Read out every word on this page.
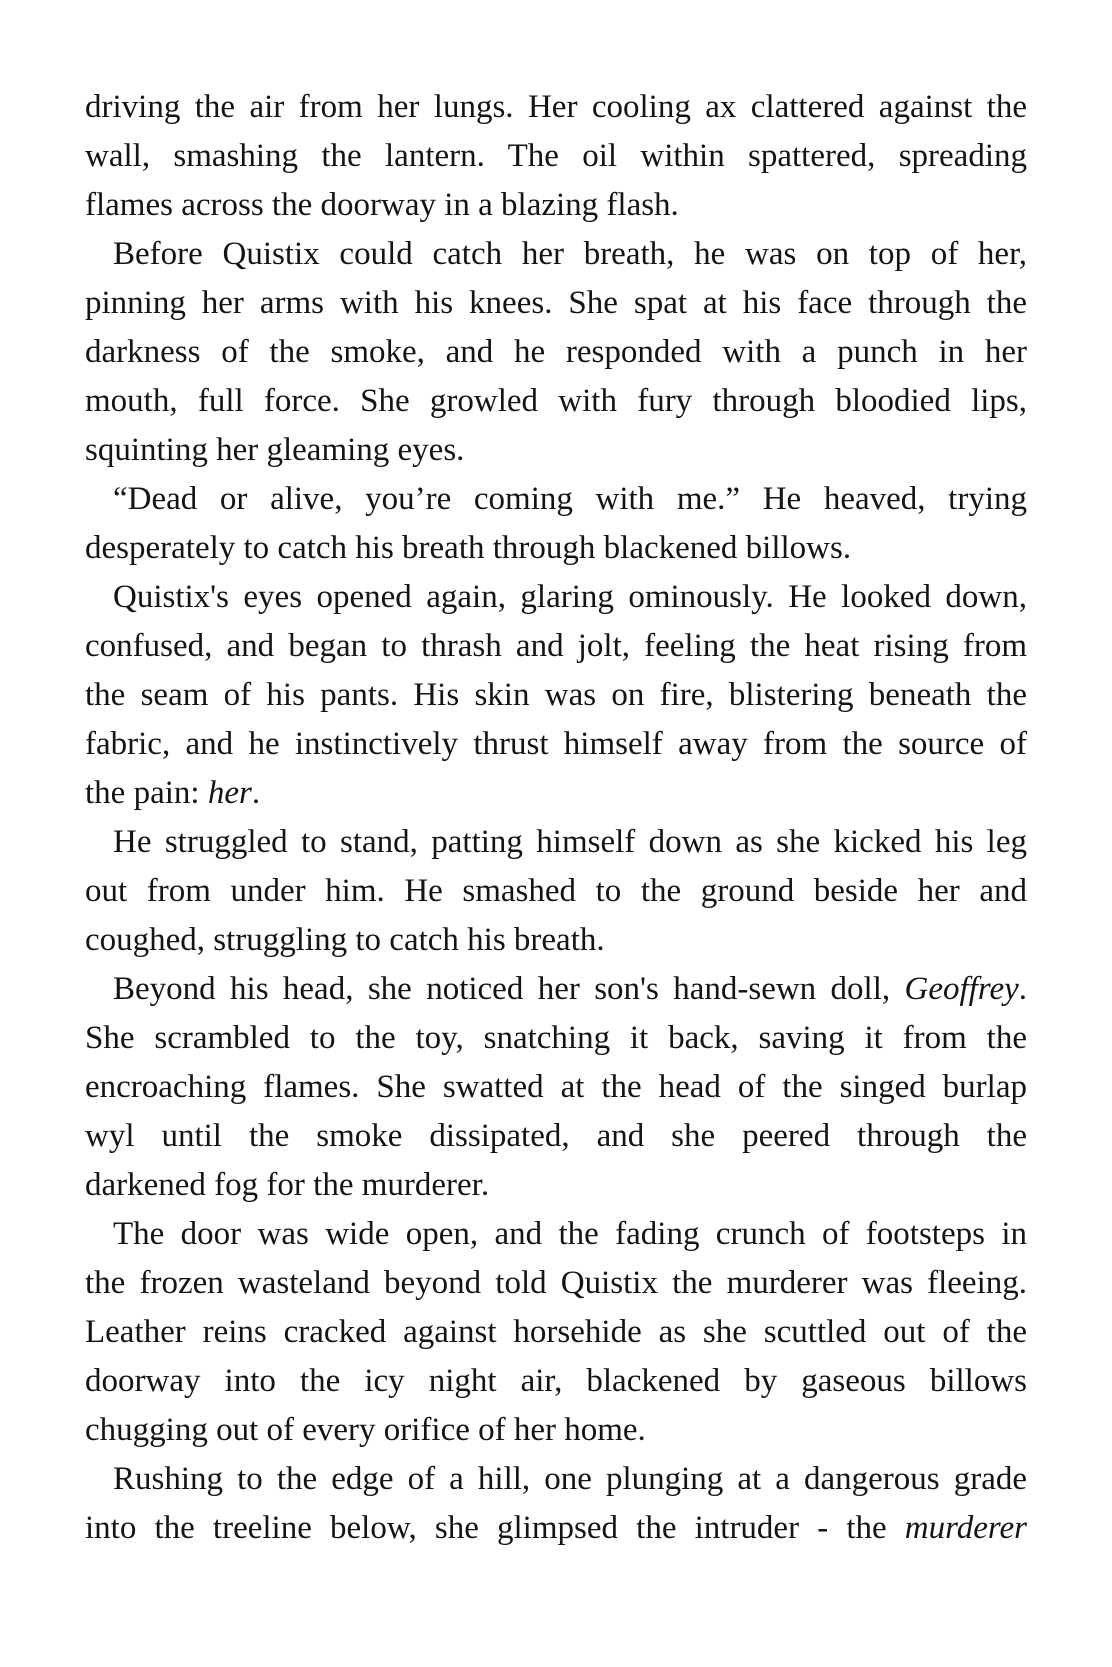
driving the air from her lungs. Her cooling ax clattered against the
wall, smashing the lantern. The oil within spattered, spreading
flames across the doorway in a blazing flash.
Before Quistix could catch her breath, he was on top of her,
pinning her arms with his knees. She spat at his face through the
darkness of the smoke, and he responded with a punch in her
mouth, full force. She growled with fury through bloodied lips,
squinting her gleaming eyes.
“Dead or alive, you’re coming with me.” He heaved, trying
desperately to catch his breath through blackened billows.
Quistix's eyes opened again, glaring ominously. He looked down,
confused, and began to thrash and jolt, feeling the heat rising from
the seam of his pants. His skin was on fire, blistering beneath the
fabric, and he instinctively thrust himself away from the source of
the pain: her.
He struggled to stand, patting himself down as she kicked his leg
out from under him. He smashed to the ground beside her and
coughed, struggling to catch his breath.
Beyond his head, she noticed her son's hand-sewn doll, Geoffrey.
She scrambled to the toy, snatching it back, saving it from the
encroaching flames. She swatted at the head of the singed burlap
wyl until the smoke dissipated, and she peered through the
darkened fog for the murderer.
The door was wide open, and the fading crunch of footsteps in
the frozen wasteland beyond told Quistix the murderer was fleeing.
Leather reins cracked against horsehide as she scuttled out of the
doorway into the icy night air, blackened by gaseous billows
chugging out of every orifice of her home.
Rushing to the edge of a hill, one plunging at a dangerous grade
into the treeline below, she glimpsed the intruder - the murderer
